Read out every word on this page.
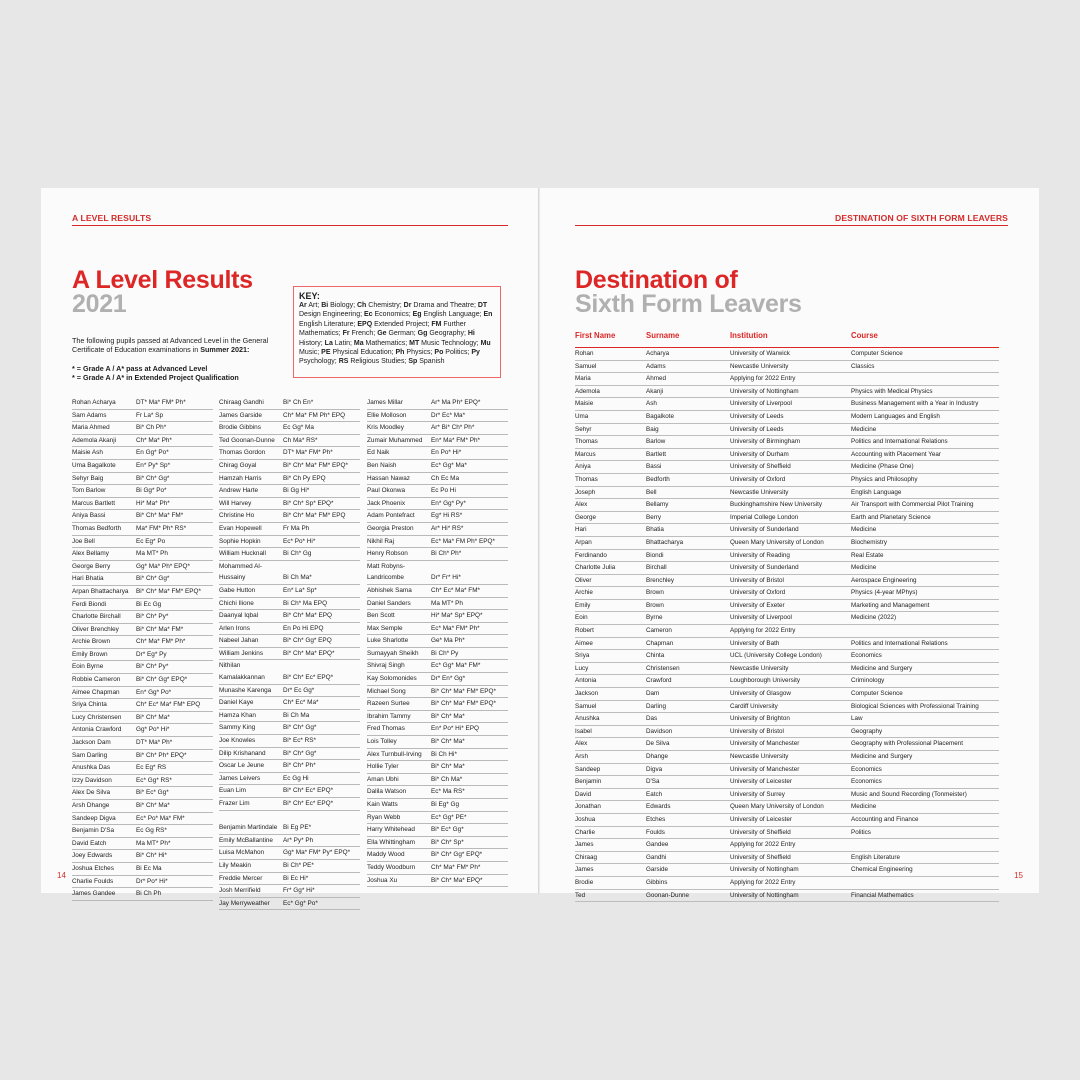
A LEVEL RESULTS
A Level Results
2021
The following pupils passed at Advanced Level in the General Certificate of Education examinations in Summer 2021:
* = Grade A / A* pass at Advanced Level
* = Grade A / A* in Extended Project Qualification
KEY:
Ar Art; Bi Biology; Ch Chemistry; Dr Drama and Theatre; DT Design Engineering; Ec Economics; Eg English Language; En English Literature; EPQ Extended Project; FM Further Mathematics; Fr French; Ge German; Gg Geography; Hi History; La Latin; Ma Mathematics; MT Music Technology; Mu Music; PE Physical Education; Ph Physics; Po Politics; Py Psychology; RS Religious Studies; Sp Spanish
Rohan Acharya	DT* Ma* FM* Ph*
Sam Adams	Fr La* Sp
Maria Ahmed	Bi* Ch Ph*
Ademola Akanji	Ch* Ma* Ph*
Maisie Ash	En Gg* Po*
Uma Bagalkote	En* Py* Sp*
Sehyr Baig	Bi* Ch* Gg*
Tom Barlow	Bi Gg* Po*
Marcus Bartlett	Hi* Ma* Ph*
Aniya Bassi	Bi* Ch* Ma* FM*
Thomas Bedforth	Ma* FM* Ph* RS*
Joe Bell	Ec Eg* Po
Alex Bellamy	Ma MT* Ph
George Berry	Gg* Ma* Ph* EPQ*
Hari Bhatia	Bi* Ch* Gg*
Arpan Bhattacharya	Bi* Ch* Ma* FM* EPQ*
Ferdi Biondi	Bi Ec Gg
Charlotte Birchall	Bi* Ch* Py*
Oliver Brenchley	Bi* Ch* Ma* FM*
Archie Brown	Ch* Ma* FM* Ph*
Emily Brown	Dr* Eg* Py
Eoin Byrne	Bi* Ch* Py*
Robbie Cameron	Bi* Ch* Gg* EPQ*
Aimee Chapman	En* Gg* Po*
Sriya Chinta	Ch* Ec* Ma* FM* EPQ
Lucy Christensen	Bi* Ch* Ma*
Antonia Crawford	Gg* Po* Hi*
Jackson Dam	DT* Ma* Ph*
Sam Darling	Bi* Ch* Ph* EPQ*
Anushka Das	Ec Eg* RS
Izzy Davidson	Ec* Gg* RS*
Alex De Silva	Bi* Ec* Gg*
Arsh Dhange	Bi* Ch* Ma*
Sandeep Digva	Ec* Po* Ma* FM*
Benjamin D'Sa	Ec Gg RS*
David Eatch	Ma MT* Ph*
Joey Edwards	Bi* Ch* Hi*
Joshua Etches	Bi Ec Ma
Charlie Foulds	Dr* Po* Hi*
James Gandee	Bi Ch Ph
Chiraag Gandhi	Bi* Ch En*
James Garside	Ch* Ma* FM Ph* EPQ
Brodie Gibbins	Ec Gg* Ma
Ted Goonan-Dunne	Ch Ma* RS*
Thomas Gordon	DT* Ma* FM* Ph*
Chirag Goyal	Bi* Ch* Ma* FM* EPQ*
Hamzah Harris	Bi* Ch Py EPQ
Andrew Harte	Bi Gg Hi*
Will Harvey	Bi* Ch* Sp* EPQ*
Christine Ho	Bi* Ch* Ma* FM* EPQ
Evan Hopewell	Fr Ma Ph
Sophie Hopkin	Ec* Po* Hi*
William Hucknall	Bi Ch* Gg
Mohammed Al-Hussainy	Bi Ch Ma*
Gabe Hutton	En* La* Sp*
Chichi Ilione	Bi Ch* Ma EPQ
Daanyal Iqbal	Bi* Ch* Ma* EPQ
Arlen Irons	En Po Hi EPQ
Nabeel Jahan	Bi* Ch* Gg* EPQ
William Jenkins	Bi* Ch* Ma* EPQ*
Nithilan Kamalakkannan	Bi* Ch* Ec* EPQ*
Munashe Karenga	Dr* Ec Gg*
Daniel Kaye	Ch* Ec* Ma*
Hamza Khan	Bi Ch Ma
Sammy King	Bi* Ch* Gg*
Joe Knowles	Bi* Ec* RS*
Dilip Krishanand	Bi* Ch* Gg*
Oscar Le Jeune	Bi* Ch* Ph*
James Leivers	Ec Gg Hi
Euan Lim	Bi* Ch* Ec* EPQ*
Frazer Lim	Bi* Ch* Ec* EPQ*
Benjamin Martindale Bi Eg PE*
Emily McBallantine	Ar* Py* Ph
Luisa McMahon	Gg* Ma* FM* Py* EPQ*
Lily Meakin	Bi Ch* PE*
Freddie Mercer	Bi Ec Hi*
Josh Merrifield	Fr* Gg* Hi*
Jay Merryweather	Ec* Gg* Po*
James Millar	Ar* Ma Ph* EPQ*
Ellie Molloson	Dr* Ec* Ma*
Kris Moodley	Ar* Bi* Ch* Ph*
Zumair Muhammed	En* Ma* FM* Ph*
Ed Naik	En Po* Hi*
Ben Naish	Ec* Gg* Ma*
Hassan Nawaz	Ch Ec Ma
Paul Okonwa	Ec Po Hi
Jack Phoenix	En* Gg* Py*
Adam Pontefract	Eg* Hi RS*
Georgia Preston	Ar* Hi* RS*
Nikhil Raj	Ec* Ma* FM Ph* EPQ*
Henry Robson	Bi Ch* Ph*
Matt Robyns-Landricombe	Dr* Fr* Hi*
Abhishek Sama	Ch* Ec* Ma* FM*
Daniel Sanders	Ma MT* Ph
Ben Scott	Hi* Ma* Sp* EPQ*
Max Semple	Ec* Ma* FM* Ph*
Luke Sharlotte	Ge* Ma Ph*
Sumayyah Sheikh	Bi Ch* Py
Shivraj Singh	Ec* Gg* Ma* FM*
Kay Solomonides	Dr* En* Gg*
Michael Song	Bi* Ch* Ma* FM* EPQ*
Razeen Surtee	Bi* Ch* Ma* FM* EPQ*
Ibrahim Tammy	Bi* Ch* Ma*
Fred Thomas	En* Po* Hi* EPQ
Lois Tolley	Bi* Ch* Ma*
Alex Turnbull-Irving	Bi Ch Hi*
Hollie Tyler	Bi* Ch* Ma*
Aman Ubhi	Bi* Ch Ma*
Dalila Watson	Ec* Ma RS*
Kain Watts	Bi Eg* Gg
Ryan Webb	Ec* Gg* PE*
Harry Whitehead	Bi* Ec* Gg*
Ella Whittingham	Bi* Ch* Sp*
Maddy Wood	Bi* Ch* Gg* EPQ*
Teddy Woodburn	Ch* Ma* FM* Ph*
Joshua Xu	Bi* Ch* Ma* EPQ*
14
DESTINATION OF SIXTH FORM LEAVERS
Destination of
Sixth Form Leavers
First Name	Surname	Institution	Course
Rohan	Acharya	University of Warwick	Computer Science
Samuel	Adams	Newcastle University	Classics
Maria	Ahmed	Applying for 2022 Entry
Ademola	Akanji	University of Nottingham	Physics with Medical Physics
Maisie	Ash	University of Liverpool	Business Management with a Year in Industry
Uma	Bagalkote	University of Leeds	Modern Languages and English
Sehyr	Baig	University of Leeds	Medicine
Thomas	Barlow	University of Birmingham	Politics and International Relations
Marcus	Bartlett	University of Durham	Accounting with Placement Year
Aniya	Bassi	University of Sheffield	Medicine (Phase One)
Thomas	Bedforth	University of Oxford	Physics and Philosophy
Joseph	Bell	Newcastle University	English Language
Alex	Bellamy	Buckinghamshire New University	Air Transport with Commercial Pilot Training
George	Berry	Imperial College London	Earth and Planetary Science
Hari	Bhatia	University of Sunderland	Medicine
Arpan	Bhattacharya	Queen Mary University of London	Biochemistry
Ferdinando	Biondi	University of Reading	Real Estate
Charlotte Julia	Birchall	University of Sunderland	Medicine
Oliver	Brenchley	University of Bristol	Aerospace Engineering
Archie	Brown	University of Oxford	Physics (4-year MPhys)
Emily	Brown	University of Exeter	Marketing and Management
Eoin	Byrne	University of Liverpool	Medicine (2022)
Robert	Cameron	Applying for 2022 Entry
Aimee	Chapman	University of Bath	Politics and International Relations
Sriya	Chinta	UCL (University College London)	Economics
Lucy	Christensen	Newcastle University	Medicine and Surgery
Antonia	Crawford	Loughborough University	Criminology
Jackson	Dam	University of Glasgow	Computer Science
Samuel	Darling	Cardiff University	Biological Sciences with Professional Training
Anushka	Das	University of Brighton	Law
Isabel	Davidson	University of Bristol	Geography
Alex	De Silva	University of Manchester	Geography with Professional Placement
Arsh	Dhange	Newcastle University	Medicine and Surgery
Sandeep	Digva	University of Manchester	Economics
Benjamin	D'Sa	University of Leicester	Economics
David	Eatch	University of Surrey	Music and Sound Recording (Tonmeister)
Jonathan	Edwards	Queen Mary University of London	Medicine
Joshua	Etches	University of Leicester	Accounting and Finance
Charlie	Foulds	University of Sheffield	Politics
James	Gandee	Applying for 2022 Entry
Chiraag	Gandhi	University of Sheffield	English Literature
James	Garside	University of Nottingham	Chemical Engineering
Brodie	Gibbins	Applying for 2022 Entry
Ted	Goonan-Dunne	University of Nottingham	Financial Mathematics
15
